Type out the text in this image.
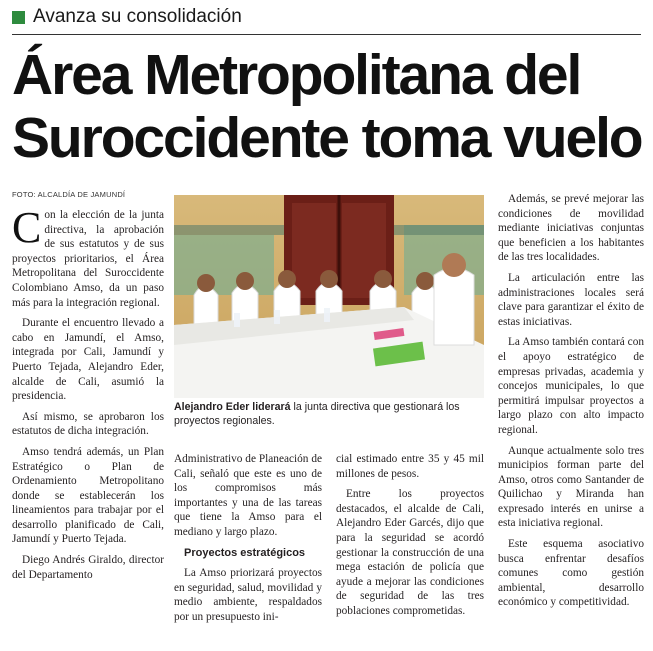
Avanza su consolidación
Área Metropolitana del
Suroccidente toma vuelo
FOTO: ALCALDÍA DE JAMUNDÍ

Con la elección de la junta directiva, la aprobación de sus estatutos y de sus proyectos prioritarios, el Área Metropolitana del Suroccidente Colombiano Amso, da un paso más para la integración regional.

Durante el encuentro llevado a cabo en Jamundí, el Amso, integrada por Cali, Jamundí y Puerto Tejada, Alejandro Eder, alcalde de Cali, asumió la presidencia.

Así mismo, se aprobaron los estatutos de dicha integración.

Amso tendrá además, un Plan Estratégico o Plan de Ordenamiento Metropolitano donde se establecerán los lineamientos para trabajar por el desarrollo planificado de Cali, Jamundí y Puerto Tejada.

Diego Andrés Giraldo, director del Departamento

Alejandro Eder liderará la junta directiva que gestionará los proyectos regionales.

Administrativo de Planeación de Cali, señaló que este es uno de los compromisos más importantes y una de las tareas que tiene la Amso para el mediano y largo plazo.

Proyectos estratégicos

La Amso priorizará proyectos en seguridad, salud, movilidad y medio ambiente, respaldados por un presupuesto ini-

cial estimado entre 35 y 45 mil millones de pesos.

Entre los proyectos destacados, el alcalde de Cali, Alejandro Eder Garcés, dijo que para la seguridad se acordó gestionar la construcción de una mega estación de policía que ayude a mejorar las condiciones de seguridad de las tres poblaciones comprometidas.

Además, se prevé mejorar las condiciones de movilidad mediante iniciativas conjuntas que beneficien a los habitantes de las tres localidades.

La articulación entre las administraciones locales será clave para garantizar el éxito de estas iniciativas.

La Amso también contará con el apoyo estratégico de empresas privadas, academia y concejos municipales, lo que permitirá impulsar proyectos a largo plazo con alto impacto regional.

Aunque actualmente solo tres municipios forman parte del Amso, otros como Santander de Quilichao y Miranda han expresado interés en unirse a esta iniciativa regional.

Este esquema asociativo busca enfrentar desafíos comunes como gestión ambiental, desarrollo económico y competitividad.
